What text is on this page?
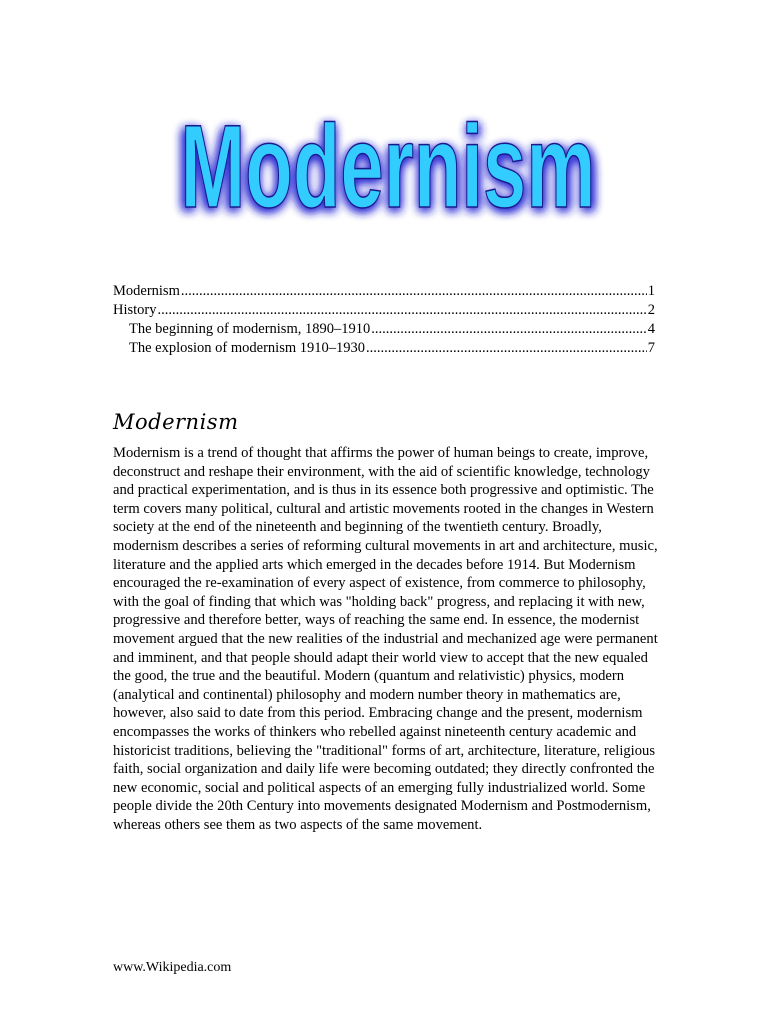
Modernism
Modernism
Modernism .....	1
History .....	2
The beginning of modernism, 1890–1910 .....	4
The explosion of modernism 1910–1930 .....	7
Modernism

Modernism is a trend of thought that affirms the power of human beings to create, improve, deconstruct and reshape their environment, with the aid of scientific knowledge, technology and practical experimentation, and is thus in its essence both progressive and optimistic. The term covers many political, cultural and artistic movements rooted in the changes in Western society at the end of the nineteenth and beginning of the twentieth century. Broadly, modernism describes a series of reforming cultural movements in art and architecture, music, literature and the applied arts which emerged in the decades before 1914. But Modernism encouraged the re-examination of every aspect of existence, from commerce to philosophy, with the goal of finding that which was "holding back" progress, and replacing it with new, progressive and therefore better, ways of reaching the same end. In essence, the modernist movement argued that the new realities of the industrial and mechanized age were permanent and imminent, and that people should adapt their world view to accept that the new equaled the good, the true and the beautiful. Modern (quantum and relativistic) physics, modern (analytical and continental) philosophy and modern number theory in mathematics are, however, also said to date from this period. Embracing change and the present, modernism encompasses the works of thinkers who rebelled against nineteenth century academic and historicist traditions, believing the "traditional" forms of art, architecture, literature, religious faith, social organization and daily life were becoming outdated; they directly confronted the new economic, social and political aspects of an emerging fully industrialized world. Some people divide the 20th Century into movements designated Modernism and Postmodernism, whereas others see them as two aspects of the same movement.

www.Wikipedia.com
